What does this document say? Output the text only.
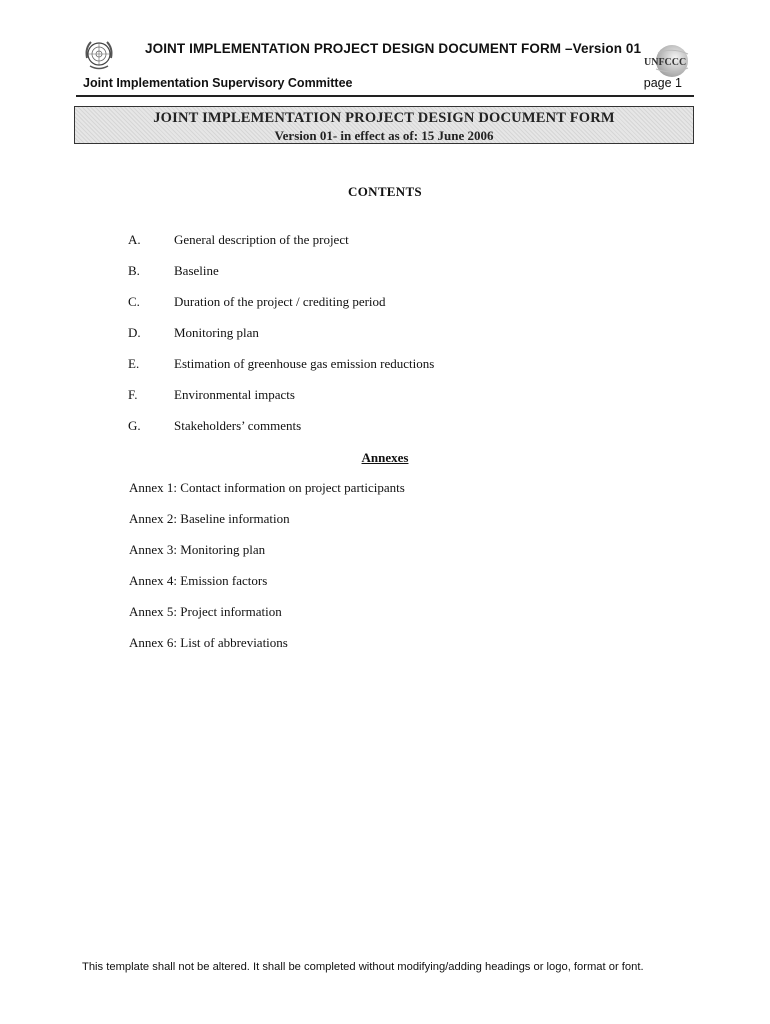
JOINT IMPLEMENTATION PROJECT DESIGN DOCUMENT FORM –Version 01
UNFCCC
Joint Implementation Supervisory Committee	page 1
JOINT IMPLEMENTATION PROJECT DESIGN DOCUMENT FORM
Version 01- in effect as of: 15 June 2006
CONTENTS
A.	General description of the project
B.	Baseline
C.	Duration of the project / crediting period
D.	Monitoring plan
E.	Estimation of greenhouse gas emission reductions
F.	Environmental impacts
G.	Stakeholders’ comments
Annexes
Annex 1: Contact information on project participants
Annex 2: Baseline information
Annex 3: Monitoring plan
Annex 4: Emission factors
Annex 5: Project information
Annex 6: List of abbreviations
This template shall not be altered. It shall be completed without modifying/adding headings or logo, format or font.
